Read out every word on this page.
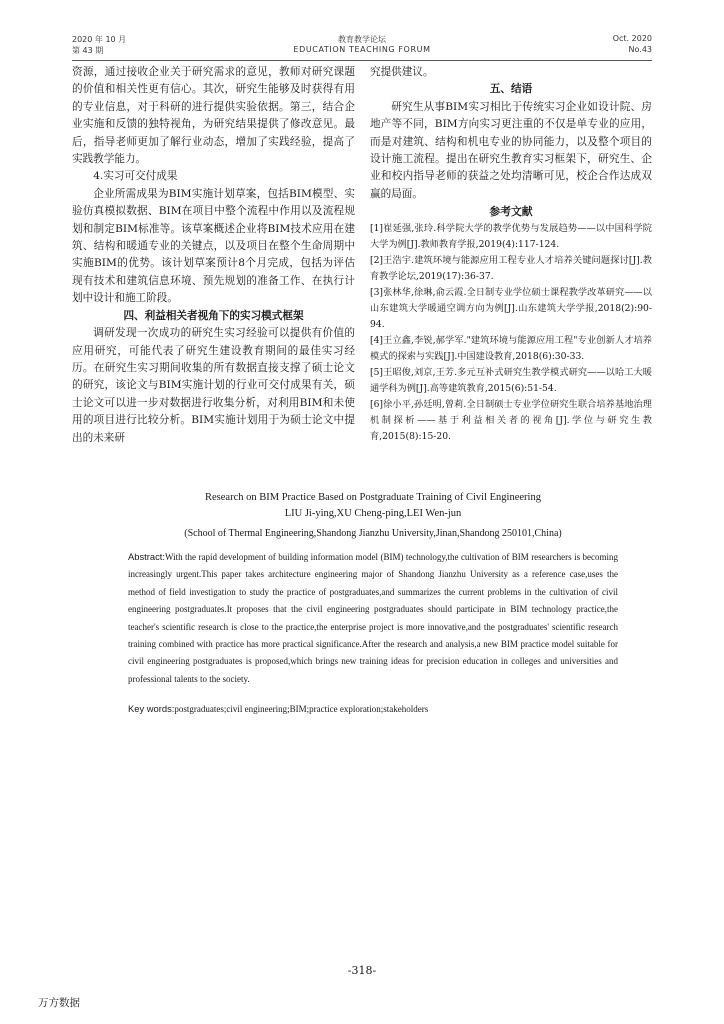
2020 年 10 月
第 43 期
教育教学论坛
EDUCATION TEACHING FORUM
Oct. 2020
No.43

资源，通过接收企业关于研究需求的意见，教师对研究课题的价值和相关性更有信心。其次，研究生能够及时获得有用的专业信息，对于科研的进行提供实验依据。第三，结合企业实施和反馈的独特视角，为研究结果提供了修改意见。最后，指导老师更加了解行业动态，增加了实践经验，提高了实践教学能力。

4.实习可交付成果

企业所需成果为BIM实施计划草案，包括BIM模型、实验仿真模拟数据、BIM在项目中整个流程中作用以及流程规划和制定BIM标准等。该草案概述企业将BIM技术应用在建筑、结构和暖通专业的关键点，以及项目在整个生命周期中实施BIM的优势。该计划草案预计8个月完成，包括为评估现有技术和建筑信息环境、预先规划的准备工作、在执行计划中设计和施工阶段。

四、利益相关者视角下的实习模式框架

调研发现一次成功的研究生实习经验可以提供有价值的应用研究，可能代表了研究生建设教育期间的最佳实习经历。在研究生实习期间收集的所有数据直接支撑了硕士论文的研究，该论文与BIM实施计划的行业可交付成果有关，硕士论文可以进一步对数据进行收集分析，对利用BIM和未使用的项目进行比较分析。BIM实施计划用于为硕士论文中提出的未来研

究提供建议。

五、结语

研究生从事BIM实习相比于传统实习企业如设计院、房地产等不同，BIM方向实习更注重的不仅是单专业的应用，而是对建筑、结构和机电专业的协同能力，以及整个项目的设计施工流程。提出在研究生教育实习框架下，研究生、企业和校内指导老师的获益之处均清晰可见，校企合作达成双赢的局面。

参考文献

[1]崔延强,张玲.科学院大学的教学优势与发展趋势——以中国科学院大学为例[J].教师教育学报,2019(4):117-124.

[2]王浩宇.建筑环境与能源应用工程专业人才培养关键问题探讨[J].教育教学论坛,2019(17):36-37.

[3]张林华,徐琳,俞云霞.全日制专业学位硕士课程教学改革研究——以山东建筑大学暖通空调方向为例[J].山东建筑大学学报,2018(2):90-94.

[4]王立鑫,李锐,郝学军."建筑环境与能源应用工程"专业创新人才培养模式的探索与实践[J].中国建设教育,2018(6):30-33.

[5]王昭俊,刘京,王芳.多元互补式研究生教学模式研究——以哈工大暖通学科为例[J].高等建筑教育,2015(6):51-54.

[6]徐小平,孙廷明,曾莉.全日制硕士专业学位研究生联合培养基地治理机制探析——基于利益相关者的视角[J].学位与研究生教育,2015(8):15-20.

Research on BIM Practice Based on Postgraduate Training of Civil Engineering
LIU Ji-ying,XU Cheng-ping,LEI Wen-jun
(School of Thermal Engineering,Shandong Jianzhu University,Jinan,Shandong 250101,China)
Abstract:With the rapid development of building information model (BIM) technology,the cultivation of BIM researchers is becoming increasingly urgent.This paper takes architecture engineering major of Shandong Jianzhu University as a reference case,uses the method of field investigation to study the practice of postgraduates,and summarizes the current problems in the cultivation of civil engineering postgraduates.It proposes that the civil engineering postgraduates should participate in BIM technology practice,the teacher's scientific research is close to the practice,the enterprise project is more innovative,and the postgraduates' scientific research training combined with practice has more practical significance.After the research and analysis,a new BIM practice model suitable for civil engineering postgraduates is proposed,which brings new training ideas for precision education in colleges and universities and professional talents to the society.
Key words:postgraduates;civil engineering;BIM;practice exploration;stakeholders
-318-
万方数据
